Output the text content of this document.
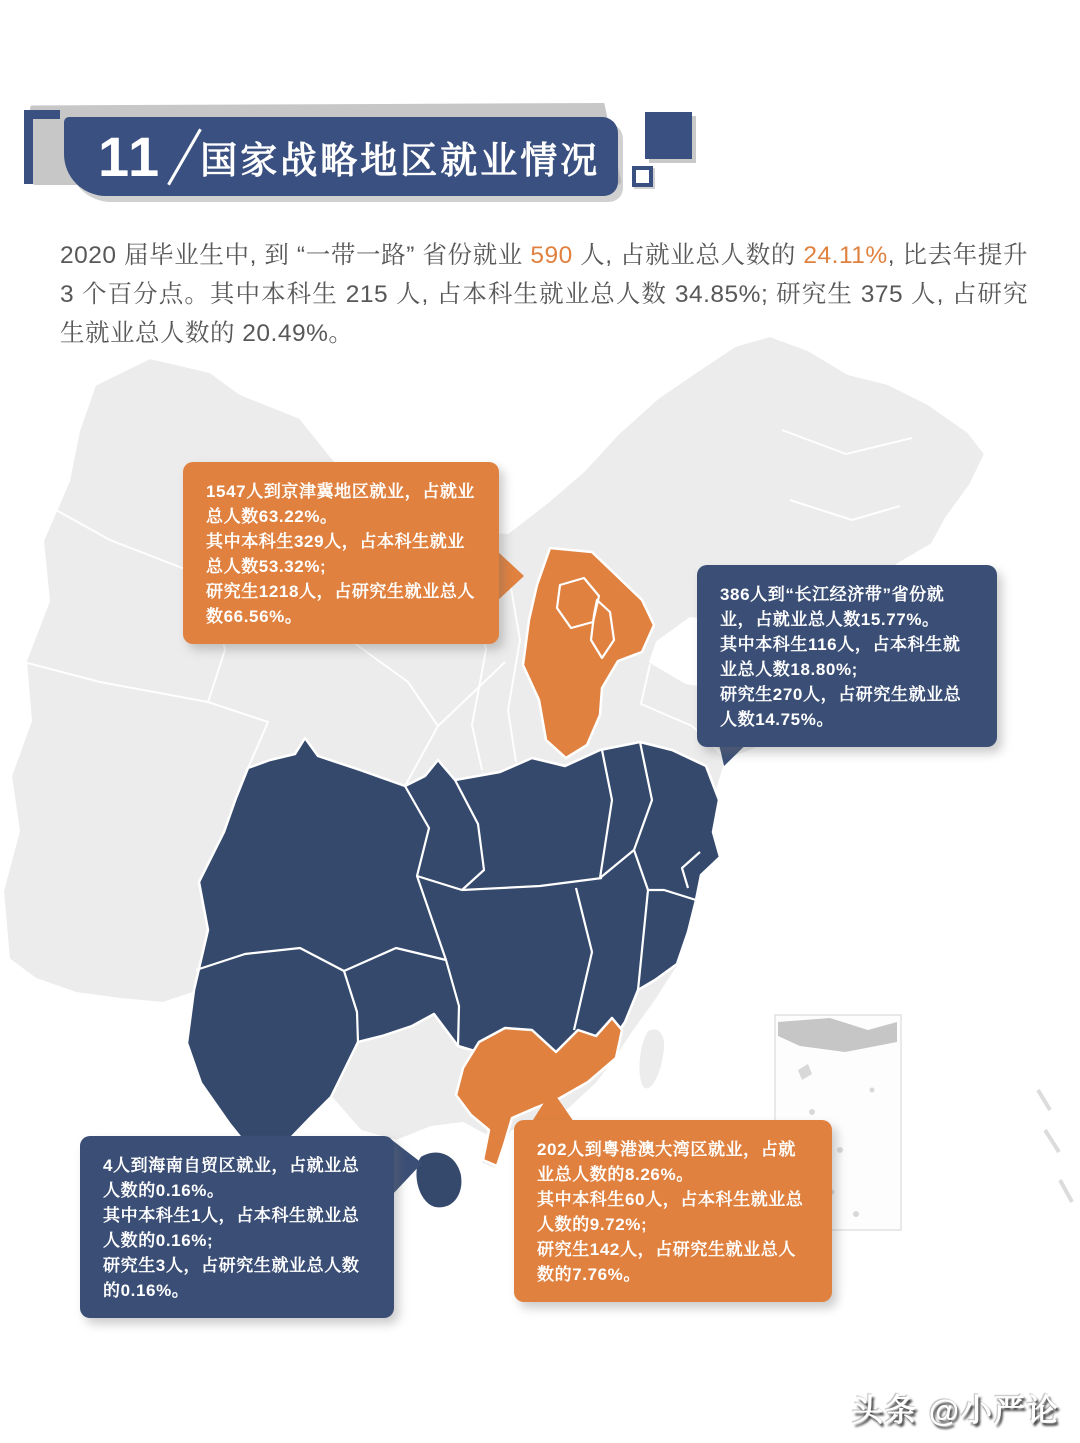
11 国家战略地区就业情况

2020 届毕业生中, 到 “一带一路” 省份就业 590 人, 占就业总人数的 24.11%, 比去年提升 3 个百分点。其中本科生 215 人, 占本科生就业总人数 34.85%; 研究生 375 人, 占研究生就业总人数的 20.49%。

1547人到京津冀地区就业，占就业总人数63.22%。
其中本科生329人，占本科生就业总人数53.32%;
研究生1218人，占研究生就业总人数66.56%。
386人到“长江经济带”省份就业，占就业总人数15.77%。
其中本科生116人，占本科生就业总人数18.80%;
研究生270人，占研究生就业总人数14.75%。
4人到海南自贸区就业，占就业总人数的0.16%。
其中本科生1人，占本科生就业总人数的0.16%;
研究生3人，占研究生就业总人数的0.16%。
202人到粤港澳大湾区就业，占就业总人数的8.26%。
其中本科生60人，占本科生就业总人数的9.72%;
研究生142人，占研究生就业总人数的7.76%。
头条 @小严论
